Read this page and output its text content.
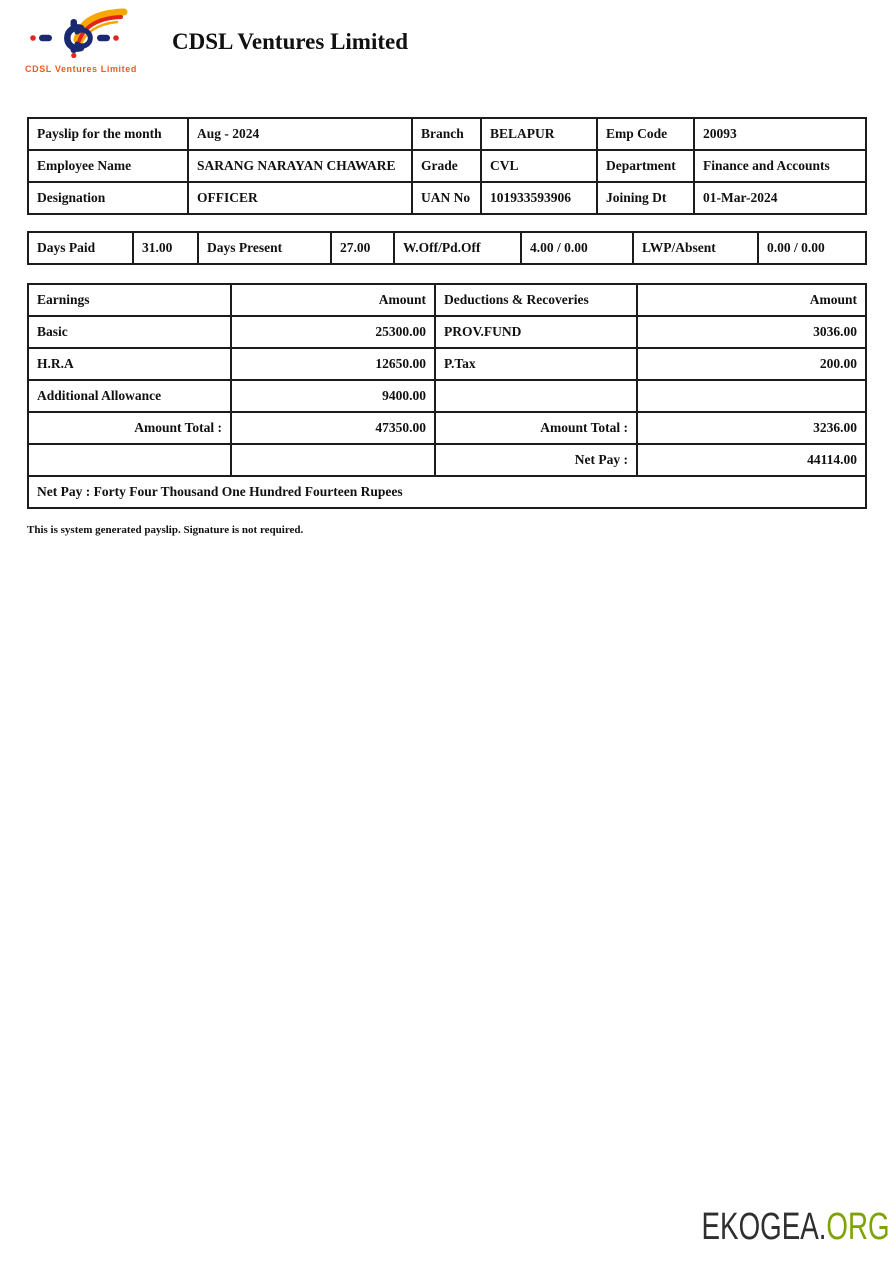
CDSL Ventures Limited
CDSL Ventures Limited
Payslip for the month	Aug - 2024	Branch	BELAPUR	Emp Code	20093
Employee Name	SARANG NARAYAN CHAWARE	Grade	CVL	Department	Finance and Accounts
Designation	OFFICER	UAN No	101933593906	Joining Dt	01-Mar-2024
Days Paid	31.00	Days Present	27.00	W.Off/Pd.Off	4.00 / 0.00	LWP/Absent	0.00 / 0.00
Earnings	Amount	Deductions & Recoveries	Amount
Basic	25300.00	PROV.FUND	3036.00
H.R.A	12650.00	P.Tax	200.00
Additional Allowance	9400.00		
Amount Total :	47350.00	Amount Total :	3236.00
		Net Pay :	44114.00
Net Pay : Forty Four Thousand One Hundred Fourteen Rupees			
This is system generated payslip. Signature is not required.
EKOGEA.ORG
